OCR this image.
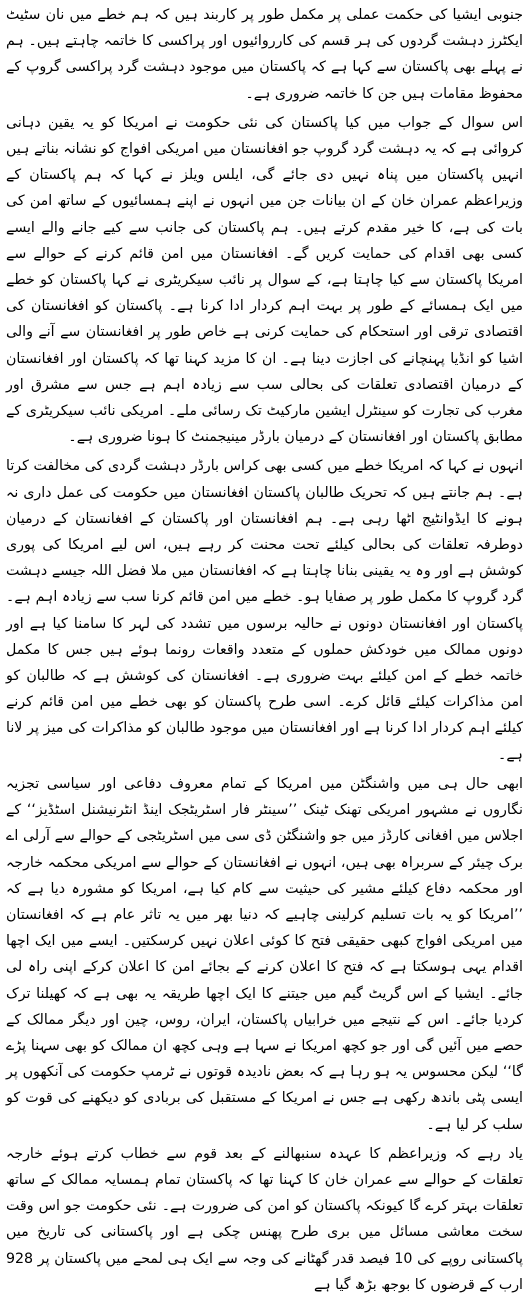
جنوبی ایشیا کی حکمت عملی پر مکمل طور پر کاربند ہیں کہ ہم خطے میں نان سٹیٹ ایکٹرز دہشت گردوں کی ہر قسم کی کارروائیوں اور پراکسی کا خاتمہ چاہتے ہیں۔ ہم نے پہلے بھی پاکستان سے کہا ہے کہ پاکستان میں موجود دہشت گرد پراکسی گروپ کے محفوظ مقامات ہیں جن کا خاتمہ ضروری ہے۔

اس سوال کے جواب میں کیا پاکستان کی نئی حکومت نے امریکا کو یہ یقین دہانی کروائی ہے کہ یہ دہشت گرد گروپ جو افغانستان میں امریکی افواج کو نشانہ بناتے ہیں انہیں پاکستان میں پناہ نہیں دی جائے گی، ایلس ویلز نے کہا کہ ہم پاکستان کے وزیراعظم عمران خان کے ان بیانات جن میں انہوں نے اپنے ہمسائیوں کے ساتھ امن کی بات کی ہے، کا خیر مقدم کرتے ہیں۔ ہم پاکستان کی جانب سے کیے جانے والے ایسے کسی بھی اقدام کی حمایت کریں گے۔ افغانستان میں امن قائم کرنے کے حوالے سے امریکا پاکستان سے کیا چاہتا ہے، کے سوال پر نائب سیکریٹری نے کہا پاکستان کو خطے میں ایک ہمسائے کے طور پر بہت اہم کردار ادا کرنا ہے۔ پاکستان کو افغانستان کی اقتصادی ترقی اور استحکام کی حمایت کرنی ہے خاص طور پر افغانستان سے آنے والی اشیا کو انڈیا پہنچانے کی اجازت دینا ہے۔ ان کا مزید کہنا تھا کہ پاکستان اور افغانستان کے درمیان اقتصادی تعلقات کی بحالی سب سے زیادہ اہم ہے جس سے مشرق اور مغرب کی تجارت کو سینٹرل ایشین مارکیٹ تک رسائی ملے۔ امریکی نائب سیکریٹری کے مطابق پاکستان اور افغانستان کے درمیان بارڈر مینیجمنٹ کا ہونا ضروری ہے۔

انہوں نے کہا کہ امریکا خطے میں کسی بھی کراس بارڈر دہشت گردی کی مخالفت کرتا ہے۔ ہم جانتے ہیں کہ تحریک طالبان پاکستان افغانستان میں حکومت کی عمل داری نہ ہونے کا ایڈوانٹیج اٹھا رہی ہے۔ ہم افغانستان اور پاکستان کے افغانستان کے درمیان دوطرفہ تعلقات کی بحالی کیلئے تحت محنت کر رہے ہیں، اس لیے امریکا کی پوری کوشش ہے اور وہ یہ یقینی بنانا چاہتا ہے کہ افغانستان میں ملا فضل اللہ جیسے دہشت گرد گروپ کا مکمل طور پر صفایا ہو۔ خطے میں امن قائم کرنا سب سے زیادہ اہم ہے۔ پاکستان اور افغانستان دونوں نے حالیہ برسوں میں تشدد کی لہر کا سامنا کیا ہے اور دونوں ممالک میں خودکش حملوں کے متعدد واقعات رونما ہوئے ہیں جس کا مکمل خاتمہ خطے کے امن کیلئے بہت ضروری ہے۔ افغانستان کی کوشش ہے کہ طالبان کو امن مذاکرات کیلئے قائل کرے۔ اسی طرح پاکستان کو بھی خطے میں امن قائم کرنے کیلئے اہم کردار ادا کرنا ہے اور افغانستان میں موجود طالبان کو مذاکرات کی میز پر لانا ہے۔

ابھی حال ہی میں واشنگٹن میں امریکا کے تمام معروف دفاعی اور سیاسی تجزیہ نگاروں نے مشہور امریکی تھنک ٹینک ’’سینٹر فار اسٹریٹجک اینڈ انٹرنیشنل اسٹڈیز‘‘ کے اجلاس میں افغانی کارڈز میں جو واشنگٹن ڈی سی میں اسٹریٹجی کے حوالے سے آرلی اے برک چیئر کے سربراہ بھی ہیں، انہوں نے افغانستان کے حوالے سے امریکی محکمہ خارجہ اور محکمہ دفاع کیلئے مشیر کی حیثیت سے کام کیا ہے، امریکا کو مشورہ دیا ہے کہ ’’امریکا کو یہ بات تسلیم کرلینی چاہیے کہ دنیا بھر میں یہ تاثر عام ہے کہ افغانستان میں امریکی افواج کبھی حقیقی فتح کا کوئی اعلان نہیں کرسکتیں۔ ایسے میں ایک اچھا اقدام یہی ہوسکتا ہے کہ فتح کا اعلان کرنے کے بجائے امن کا اعلان کرکے اپنی راہ لی جائے۔ ایشیا کے اس گریٹ گیم میں جیتنے کا ایک اچھا طریقہ یہ بھی ہے کہ کھیلنا ترک کردیا جائے۔ اس کے نتیجے میں خرابیاں پاکستان، ایران، روس، چین اور دیگر ممالک کے حصے میں آئیں گی اور جو کچھ امریکا نے سہا ہے وہی کچھ ان ممالک کو بھی سہنا پڑے گا‘‘ لیکن محسوس یہ ہو رہا ہے کہ بعض نادیدہ قوتوں نے ٹرمپ حکومت کی آنکھوں پر ایسی پٹی باندھ رکھی ہے جس نے امریکا کے مستقبل کی بربادی کو دیکھنے کی قوت کو سلب کر لیا ہے۔

یاد رہے کہ وزیراعظم کا عہدہ سنبھالنے کے بعد قوم سے خطاب کرتے ہوئے خارجہ تعلقات کے حوالے سے عمران خان کا کہنا تھا کہ پاکستان تمام ہمسایہ ممالک کے ساتھ تعلقات بہتر کرے گا کیونکہ پاکستان کو امن کی ضرورت ہے۔ نئی حکومت جو اس وقت سخت معاشی مسائل میں بری طرح پھنس چکی ہے اور پاکستانی کی تاریخ میں پاکستانی روپے کی 10 فیصد قدر گھٹانے کی وجہ سے ایک ہی لمحے میں پاکستان پر 928 ارب کے قرضوں کا بوجھ بڑھ گیا ہے
